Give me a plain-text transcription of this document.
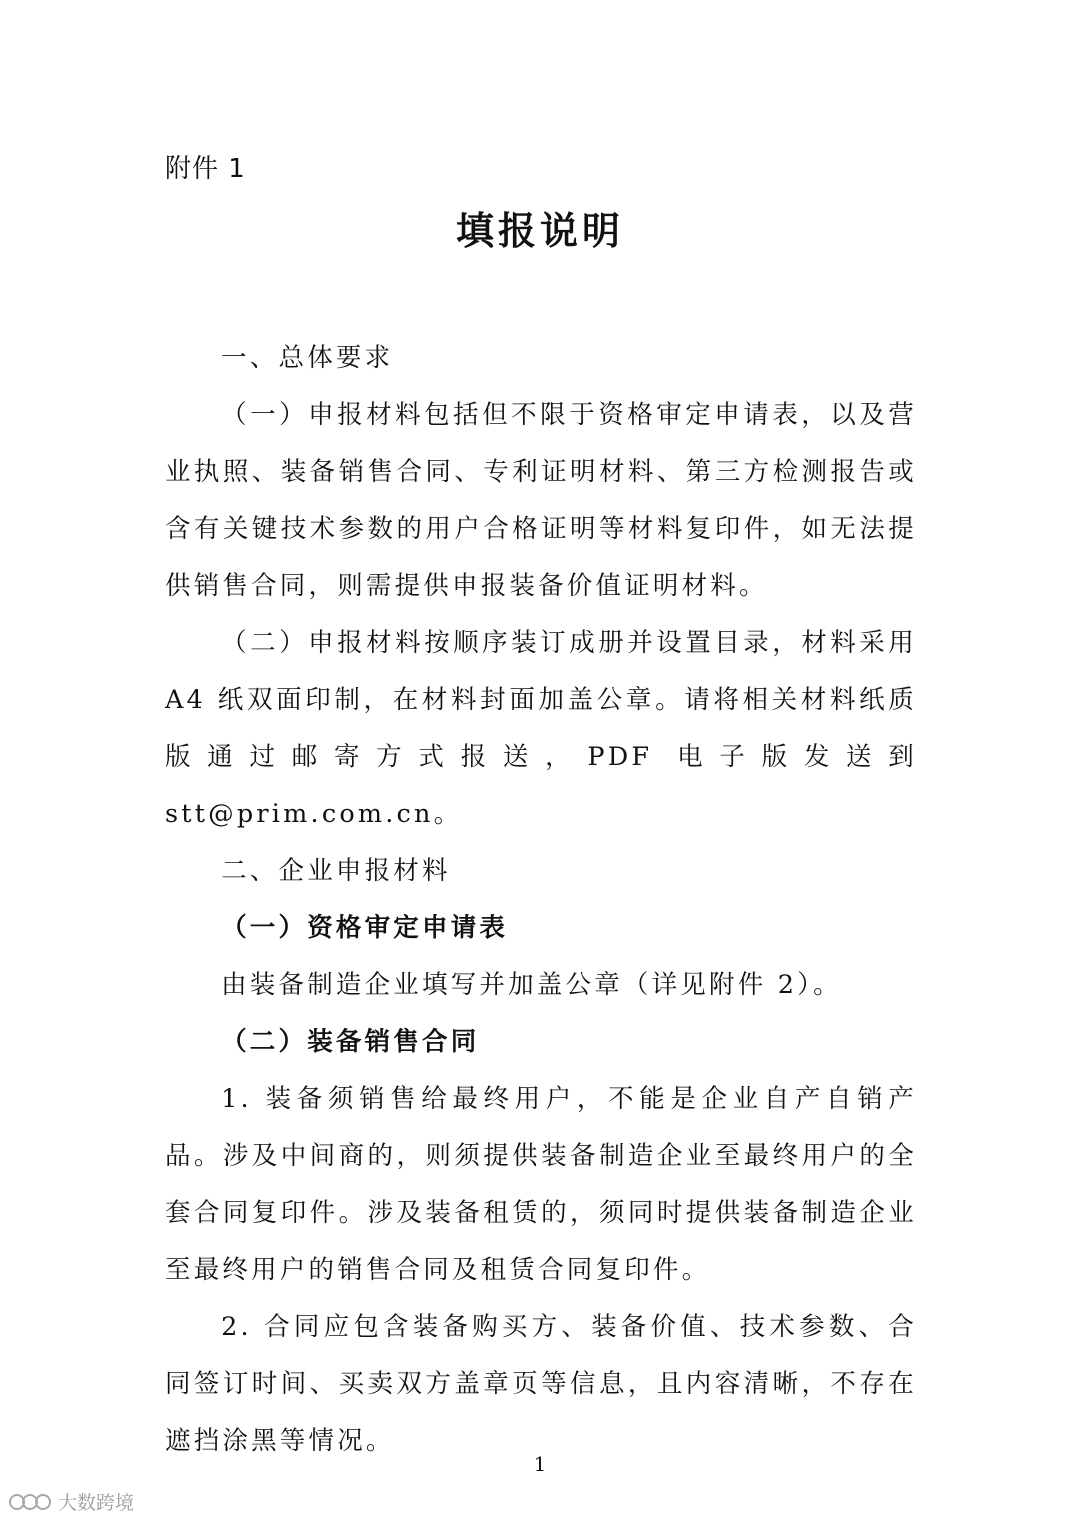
附件 1
填报说明

一、总体要求

（一）申报材料包括但不限于资格审定申请表，以及营业执照、装备销售合同、专利证明材料、第三方检测报告或含有关键技术参数的用户合格证明等材料复印件，如无法提供销售合同，则需提供申报装备价值证明材料。

（二）申报材料按顺序装订成册并设置目录，材料采用A4 纸双面印制，在材料封面加盖公章。请将相关材料纸质版通过邮寄方式报送，PDF 电子版发送到 stt@prim.com.cn。

二、企业申报材料

（一）资格审定申请表

由装备制造企业填写并加盖公章（详见附件 2）。

（二）装备销售合同

1. 装备须销售给最终用户，不能是企业自产自销产品。涉及中间商的，则须提供装备制造企业至最终用户的全套合同复印件。涉及装备租赁的，须同时提供装备制造企业至最终用户的销售合同及租赁合同复印件。

2. 合同应包含装备购买方、装备价值、技术参数、合同签订时间、买卖双方盖章页等信息，且内容清晰，不存在遮挡涂黑等情况。

1
大数跨境
